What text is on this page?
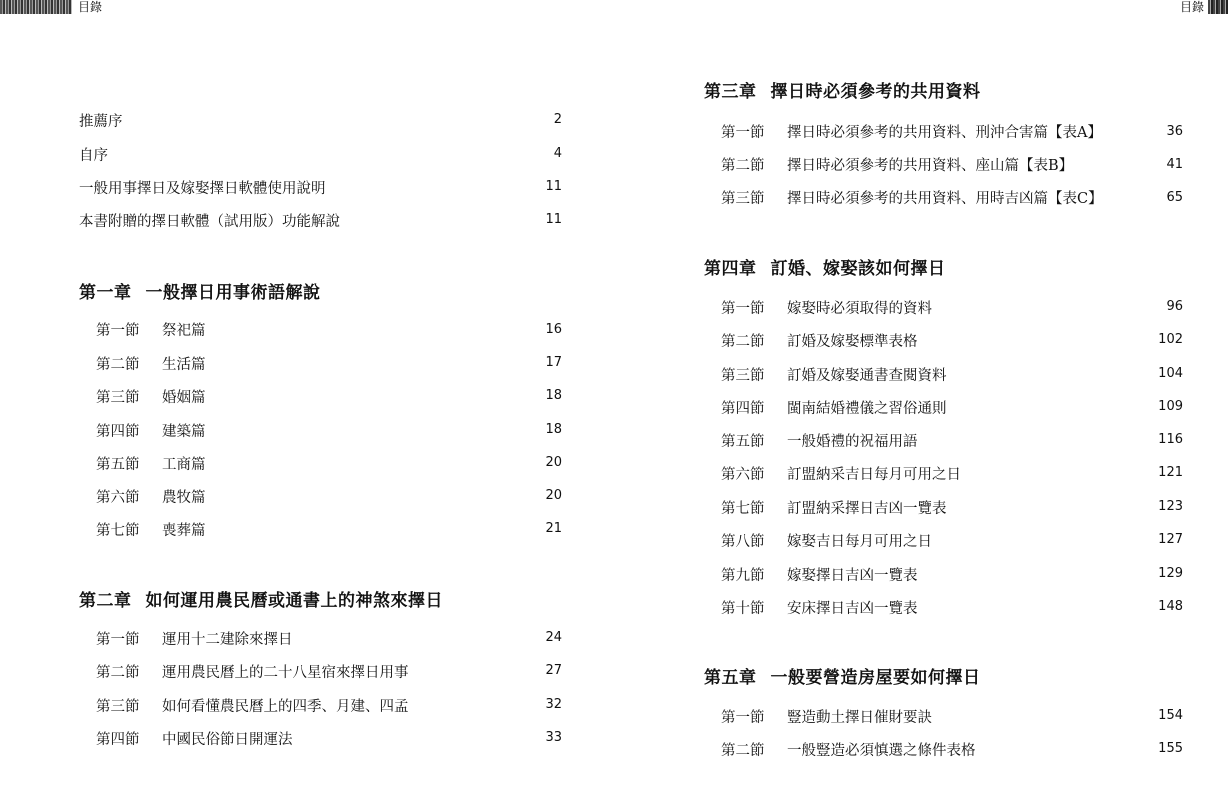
目錄	目錄
推薦序	2
自序	4
一般用事擇日及嫁娶擇日軟體使用說明	11
本書附贈的擇日軟體（試用版）功能解說	11
第一章 一般擇日用事術語解說
第一節 祭祀篇	16
第二節 生活篇	17
第三節 婚姻篇	18
第四節 建築篇	18
第五節 工商篇	20
第六節 農牧篇	20
第七節 喪葬篇	21
第二章 如何運用農民曆或通書上的神煞來擇日
第一節 運用十二建除來擇日	24
第二節 運用農民曆上的二十八星宿來擇日用事	27
第三節 如何看懂農民曆上的四季、月建、四孟	32
第四節 中國民俗節日開運法	33
第三章 擇日時必須參考的共用資料
第一節 擇日時必須參考的共用資料、刑沖合害篇【表A】	36
第二節 擇日時必須參考的共用資料、座山篇【表B】	41
第三節 擇日時必須參考的共用資料、用時吉凶篇【表C】	65
第四章 訂婚、嫁娶該如何擇日
第一節 嫁娶時必須取得的資料	96
第二節 訂婚及嫁娶標準表格	102
第三節 訂婚及嫁娶通書查閱資料	104
第四節 閩南結婚禮儀之習俗通則	109
第五節 一般婚禮的祝福用語	116
第六節 訂盟納采吉日每月可用之日	121
第七節 訂盟納采擇日吉凶一覽表	123
第八節 嫁娶吉日每月可用之日	127
第九節 嫁娶擇日吉凶一覽表	129
第十節 安床擇日吉凶一覽表	148
第五章 一般要營造房屋要如何擇日
第一節 豎造動土擇日催財要訣	154
第二節 一般豎造必須慎選之條件表格	155
